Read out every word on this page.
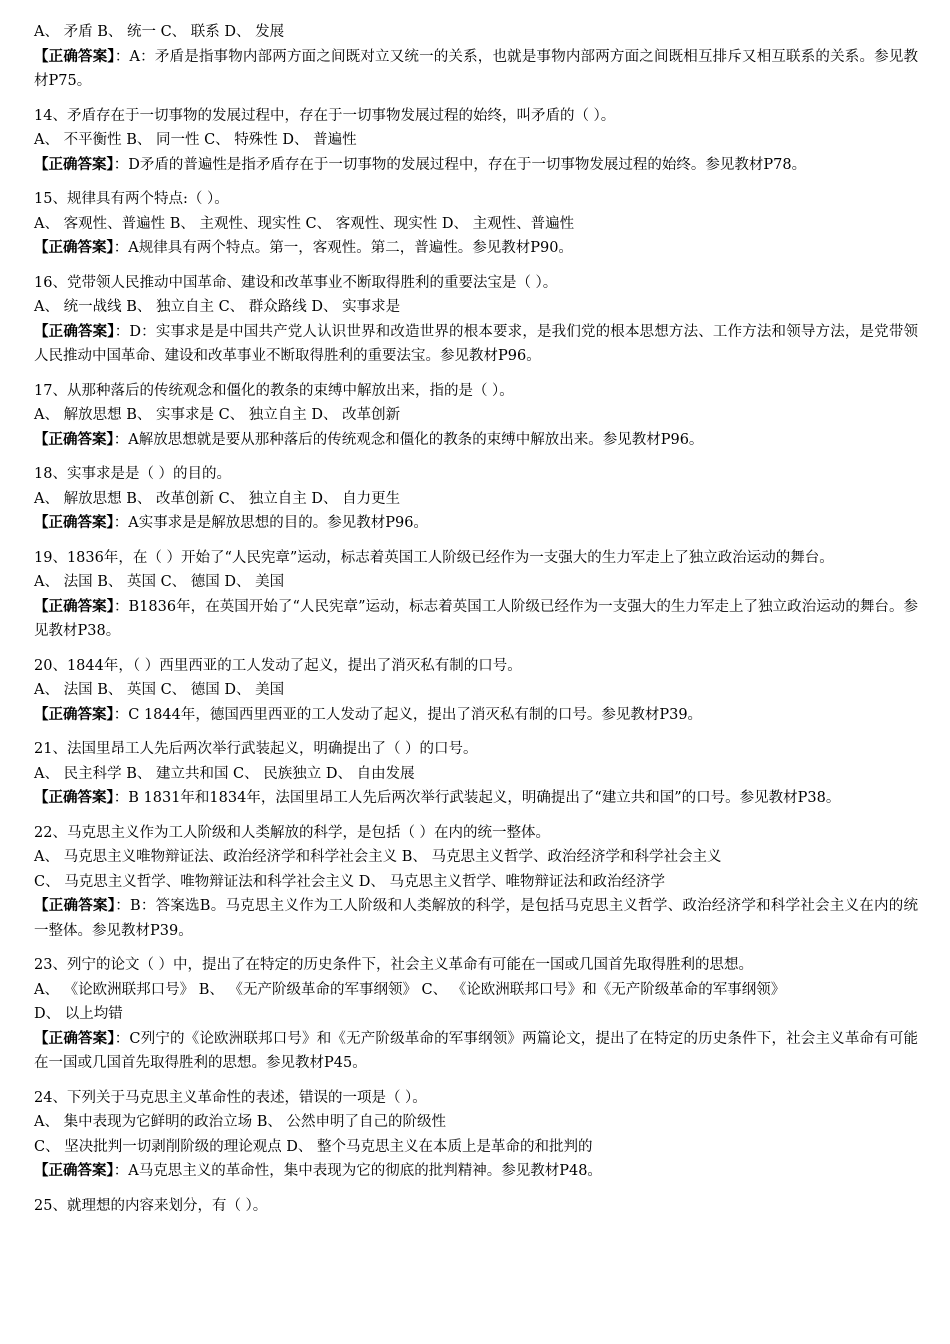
A、 矛盾 B、 统一 C、 联系 D、 发展
【正确答案】：A：矛盾是指事物内部两方面之间既对立又统一的关系，也就是事物内部两方面之间既相互排斥又相互联系的关系。参见教材P75。
14、矛盾存在于一切事物的发展过程中，存在于一切事物发展过程的始终，叫矛盾的（ ）。
A、 不平衡性 B、 同一性 C、 特殊性 D、 普遍性
【正确答案】：D矛盾的普遍性是指矛盾存在于一切事物的发展过程中，存在于一切事物发展过程的始终。参见教材P78。
15、规律具有两个特点:（ ）。
A、 客观性、普遍性 B、 主观性、现实性 C、 客观性、现实性 D、 主观性、普遍性
【正确答案】：A规律具有两个特点。第一，客观性。第二，普遍性。参见教材P90。
16、党带领人民推动中国革命、建设和改革事业不断取得胜利的重要法宝是（ ）。
A、 统一战线 B、 独立自主 C、 群众路线 D、 实事求是
【正确答案】：D：实事求是是中国共产党人认识世界和改造世界的根本要求，是我们党的根本思想方法、工作方法和领导方法，是党带领人民推动中国革命、建设和改革事业不断取得胜利的重要法宝。参见教材P96。
17、从那种落后的传统观念和僵化的教条的束缚中解放出来，指的是（ ）。
A、 解放思想 B、 实事求是 C、 独立自主 D、 改革创新
【正确答案】：A解放思想就是要从那种落后的传统观念和僵化的教条的束缚中解放出来。参见教材P96。
18、实事求是是（ ）的目的。
A、 解放思想 B、 改革创新 C、 独立自主 D、 自力更生
【正确答案】：A实事求是是解放思想的目的。参见教材P96。
19、1836年，在（ ）开始了“人民宪章”运动，标志着英国工人阶级已经作为一支强大的生力军走上了独立政治运动的舞台。
A、 法国 B、 英国 C、 德国 D、 美国
【正确答案】：B1836年，在英国开始了“人民宪章”运动，标志着英国工人阶级已经作为一支强大的生力军走上了独立政治运动的舞台。参见教材P38。
20、1844年，（ ）西里西亚的工人发动了起义，提出了消灭私有制的口号。
A、 法国 B、 英国 C、 德国 D、 美国
【正确答案】：C 1844年，德国西里西亚的工人发动了起义，提出了消灭私有制的口号。参见教材P39。
21、法国里昂工人先后两次举行武装起义，明确提出了（ ）的口号。
A、 民主科学 B、 建立共和国 C、 民族独立 D、 自由发展
【正确答案】：B 1831年和1834年，法国里昂工人先后两次举行武装起义，明确提出了“建立共和国”的口号。参见教材P38。
22、马克思主义作为工人阶级和人类解放的科学，是包括（ ）在内的统一整体。
A、 马克思主义唯物辩证法、政治经济学和科学社会主义 B、 马克思主义哲学、政治经济学和科学社会主义
C、 马克思主义哲学、唯物辩证法和科学社会主义 D、 马克思主义哲学、唯物辩证法和政治经济学
【正确答案】：B：答案选B。马克思主义作为工人阶级和人类解放的科学，是包括马克思主义哲学、政治经济学和科学社会主义在内的统一整体。参见教材P39。
23、列宁的论文（ ）中，提出了在特定的历史条件下，社会主义革命有可能在一国或几国首先取得胜利的思想。
A、 《论欧洲联邦口号》 B、 《无产阶级革命的军事纲领》 C、 《论欧洲联邦口号》和《无产阶级革命的军事纲领》
D、 以上均错
【正确答案】：C列宁的《论欧洲联邦口号》和《无产阶级革命的军事纲领》两篇论文，提出了在特定的历史条件下，社会主义革命有可能在一国或几国首先取得胜利的思想。参见教材P45。
24、下列关于马克思主义革命性的表述，错误的一项是（ ）。
A、 集中表现为它鲜明的政治立场 B、 公然申明了自己的阶级性
C、 坚决批判一切剥削阶级的理论观点 D、 整个马克思主义在本质上是革命的和批判的
【正确答案】：A马克思主义的革命性，集中表现为它的彻底的批判精神。参见教材P48。
25、就理想的内容来划分，有（ ）。
